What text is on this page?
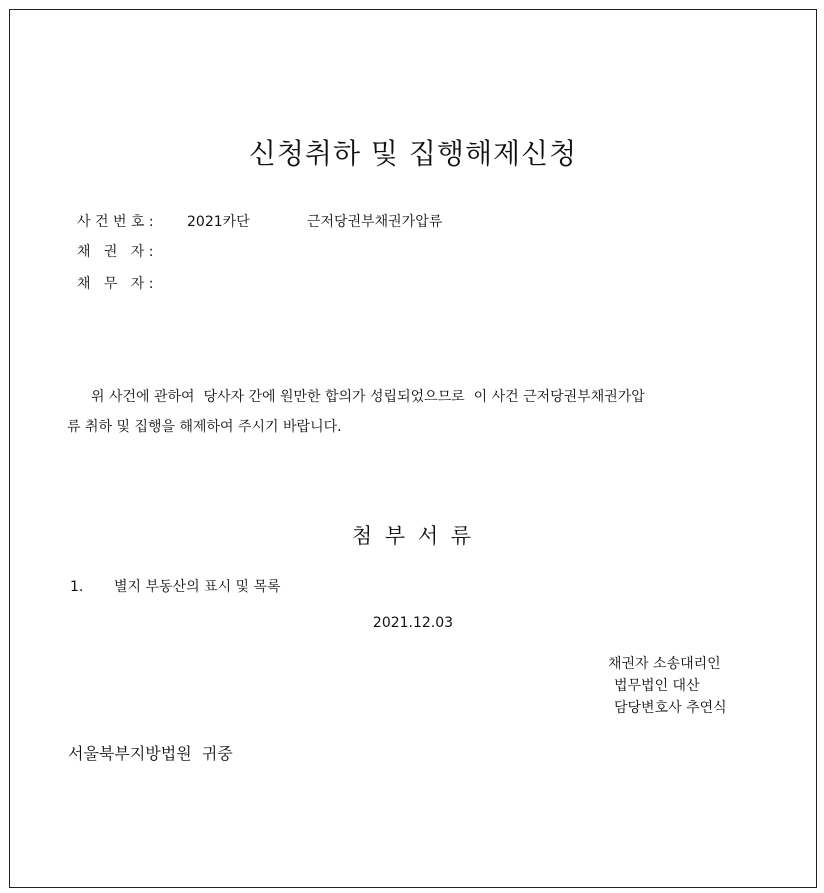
신청취하 및 집행해제신청
사 건 번 호 : 2021카단	근저당권부채권가압류
채   권   자 :
채   무   자 :
위 사건에 관하여  당사자 간에 원만한 합의가 성립되었으므로  이 사건 근저당권부채권가압
류 취하 및 집행을 해제하여 주시기 바랍니다.
첨 부 서 류
1. 별지 부동산의 표시 및 목록
2021.12.03
채권자 소송대리인
법무법인 대산
담당변호사 추연식
서울북부지방법원  귀중
